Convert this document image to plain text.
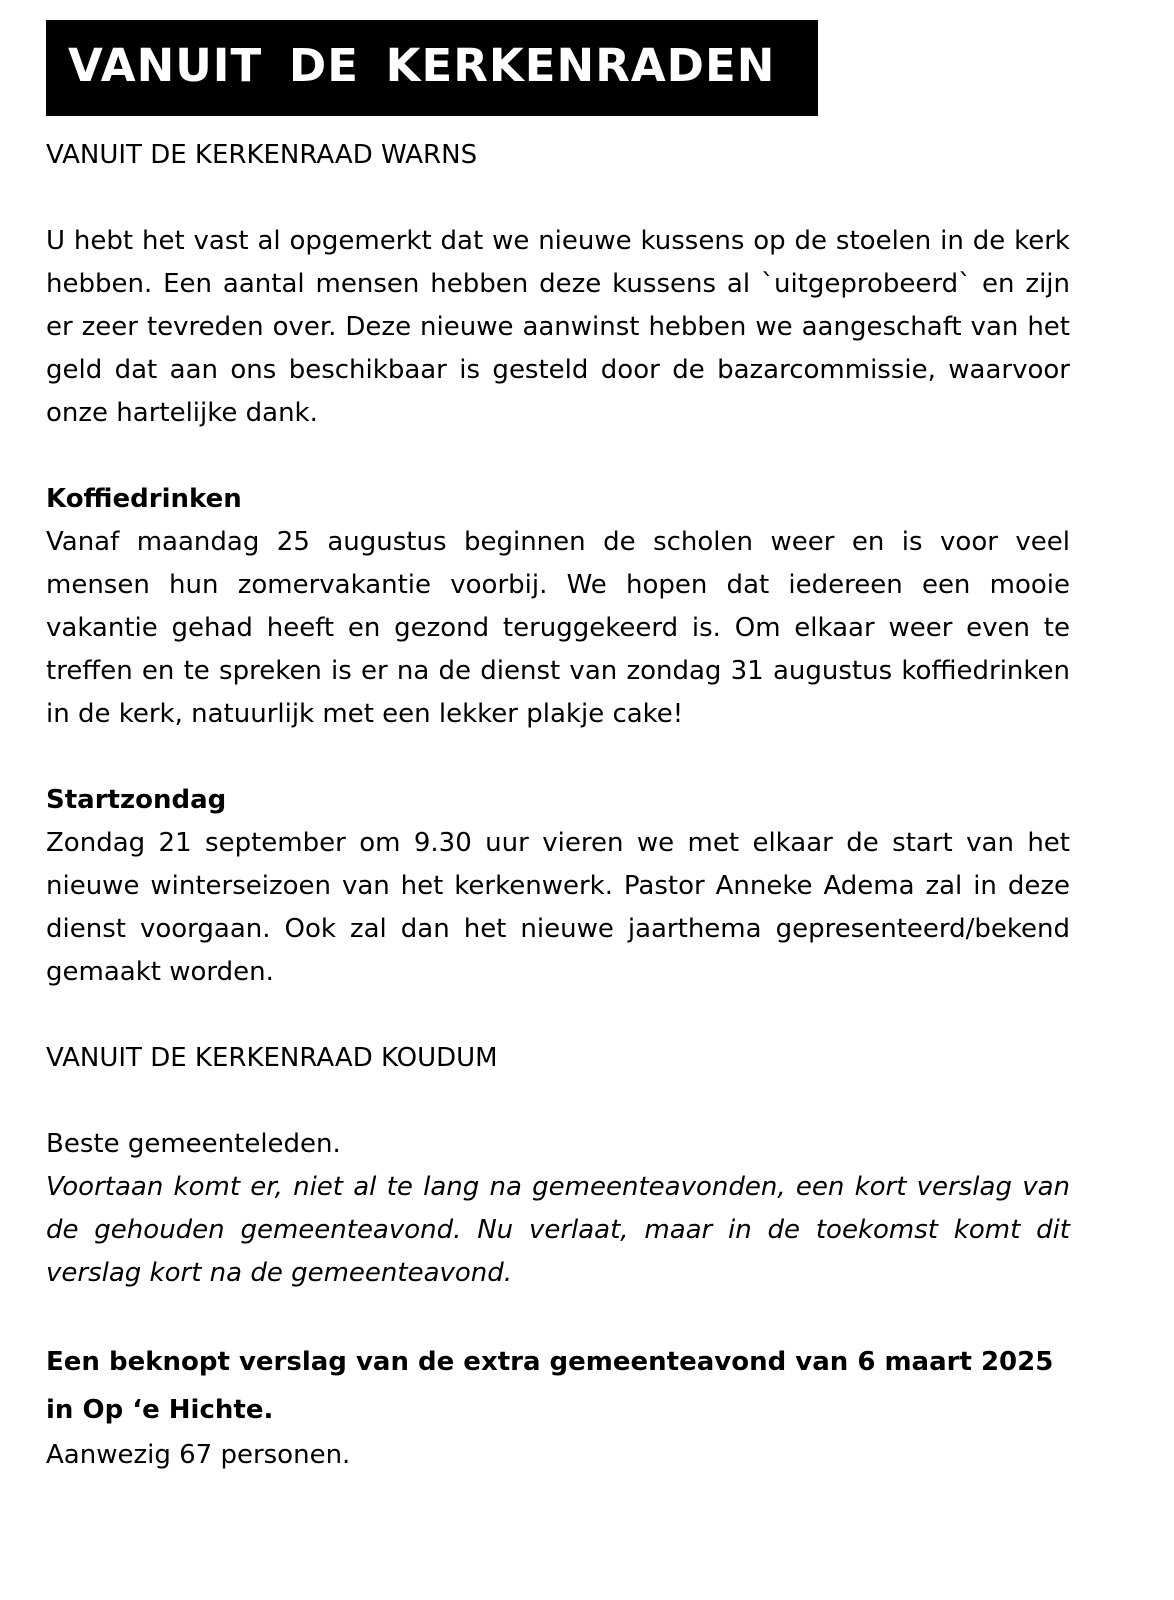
VANUIT DE KERKENRADEN

VANUIT DE KERKENRAAD WARNS

U hebt het vast al opgemerkt dat we nieuwe kussens op de stoelen in de kerk hebben. Een aantal mensen hebben deze kussens al `uitgeprobeerd` en zijn er zeer tevreden over. Deze nieuwe aanwinst hebben we aangeschaft van het geld dat aan ons beschikbaar is gesteld door de bazarcommissie, waarvoor onze hartelijke dank.

Koffiedrinken

Vanaf maandag 25 augustus beginnen de scholen weer en is voor veel mensen hun zomervakantie voorbij. We hopen dat iedereen een mooie vakantie gehad heeft en gezond teruggekeerd is. Om elkaar weer even te treffen en te spreken is er na de dienst van zondag 31 augustus koffiedrinken in de kerk, natuurlijk met een lekker plakje cake!

Startzondag

Zondag 21 september om 9.30 uur vieren we met elkaar de start van het nieuwe winterseizoen van het kerkenwerk. Pastor Anneke Adema zal in deze dienst voorgaan. Ook zal dan het nieuwe jaarthema gepresenteerd/bekend gemaakt worden.

VANUIT DE KERKENRAAD KOUDUM

Beste gemeenteleden.

Voortaan komt er, niet al te lang na gemeenteavonden, een kort verslag van de gehouden gemeenteavond. Nu verlaat, maar in de toekomst komt dit verslag kort na de gemeenteavond.

Een beknopt verslag van de extra gemeenteavond van 6 maart 2025

in Op ‘e Hichte.

Aanwezig 67 personen.
